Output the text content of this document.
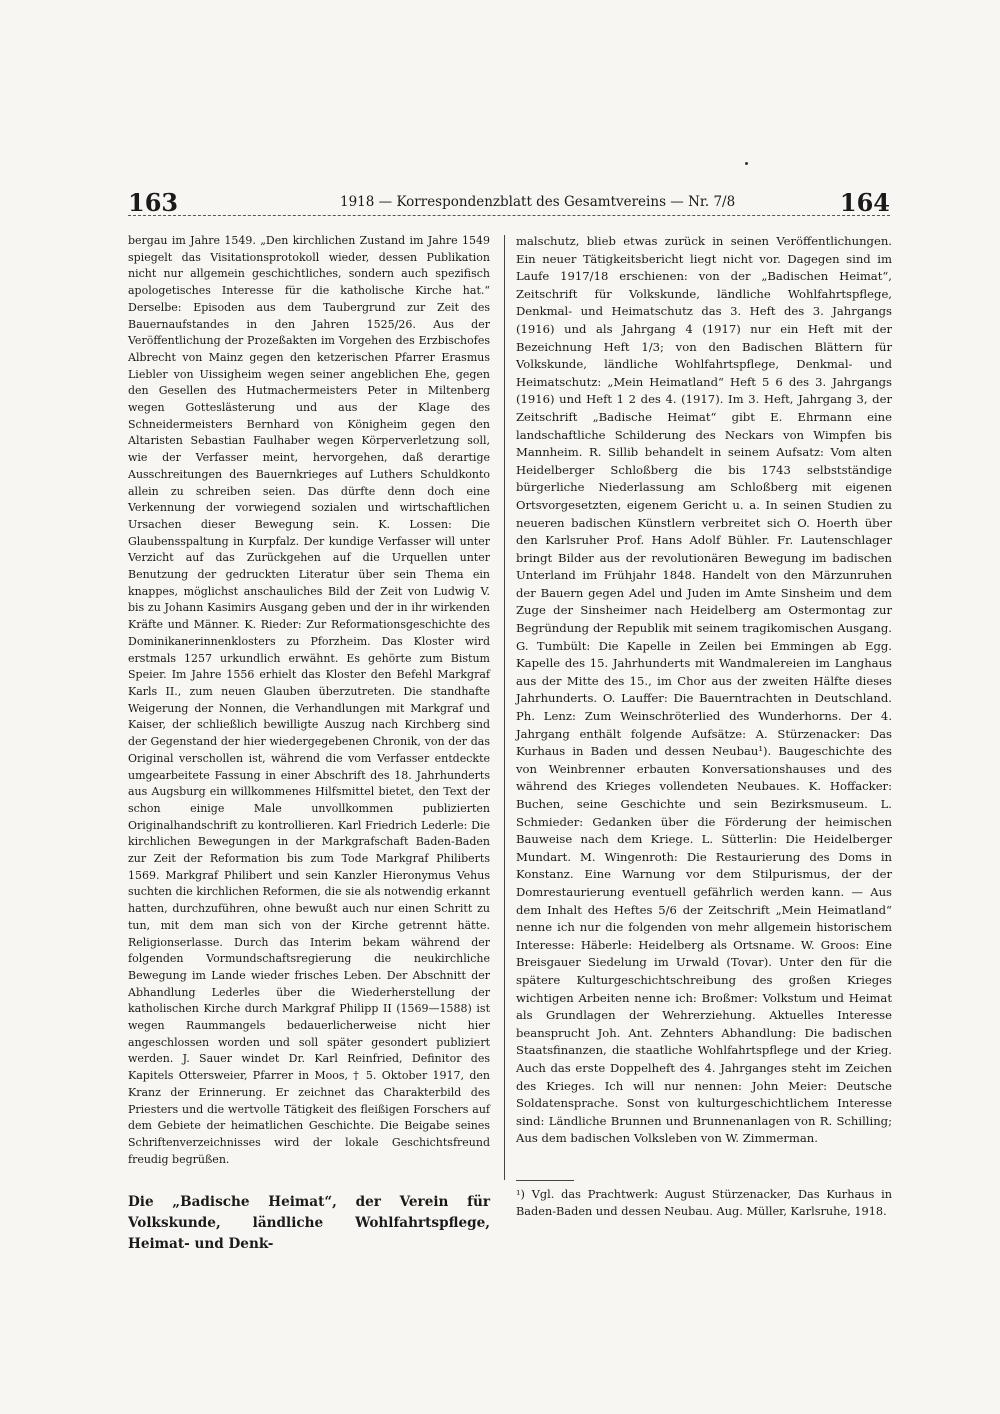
163	1918 — Korrespondenzblatt des Gesamtvereins — Nr. 7/8	164

bergau im Jahre 1549. „Den kirchlichen Zustand im Jahre 1549 spiegelt das Visitationsprotokoll wieder, dessen Publikation nicht nur allgemein geschichtliches, sondern auch spezifisch apologetisches Interesse für die katholische Kirche hat.“ Derselbe: Episoden aus dem Taubergrund zur Zeit des Bauernaufstandes in den Jahren 1525/26. Aus der Veröffentlichung der Prozeßakten im Vorgehen des Erzbischofes Albrecht von Mainz gegen den ketzerischen Pfarrer Erasmus Liebler von Uissigheim wegen seiner angeblichen Ehe, gegen den Gesellen des Hutmachermeisters Peter in Miltenberg wegen Gotteslästerung und aus der Klage des Schneidermeisters Bernhard von Königheim gegen den Altaristen Sebastian Faulhaber wegen Körperverletzung soll, wie der Verfasser meint, hervorgehen, daß derartige Ausschreitungen des Bauernkrieges auf Luthers Schuldkonto allein zu schreiben seien. Das dürfte denn doch eine Verkennung der vorwiegend sozialen und wirtschaftlichen Ursachen dieser Bewegung sein. K. Lossen: Die Glaubensspaltung in Kurpfalz. Der kundige Verfasser will unter Verzicht auf das Zurückgehen auf die Urquellen unter Benutzung der gedruckten Literatur über sein Thema ein knappes, möglichst anschauliches Bild der Zeit von Ludwig V. bis zu Johann Kasimirs Ausgang geben und der in ihr wirkenden Kräfte und Männer. K. Rieder: Zur Reformationsgeschichte des Dominikanerinnenklosters zu Pforzheim. Das Kloster wird erstmals 1257 urkundlich erwähnt. Es gehörte zum Bistum Speier. Im Jahre 1556 erhielt das Kloster den Befehl Markgraf Karls II., zum neuen Glauben überzutreten. Die standhafte Weigerung der Nonnen, die Verhandlungen mit Markgraf und Kaiser, der schließlich bewilligte Auszug nach Kirchberg sind der Gegenstand der hier wiedergegebenen Chronik, von der das Original verschollen ist, während die vom Verfasser entdeckte umgearbeitete Fassung in einer Abschrift des 18. Jahrhunderts aus Augsburg ein willkommenes Hilfsmittel bietet, den Text der schon einige Male unvollkommen publizierten Originalhandschrift zu kontrollieren. Karl Friedrich Lederle: Die kirchlichen Bewegungen in der Markgrafschaft Baden-Baden zur Zeit der Reformation bis zum Tode Markgraf Philiberts 1569. Markgraf Philibert und sein Kanzler Hieronymus Vehus suchten die kirchlichen Reformen, die sie als notwendig erkannt hatten, durchzuführen, ohne bewußt auch nur einen Schritt zu tun, mit dem man sich von der Kirche getrennt hätte. Religionserlasse. Durch das Interim bekam während der folgenden Vormundschaftsregierung die neukirchliche Bewegung im Lande wieder frisches Leben. Der Abschnitt der Abhandlung Lederles über die Wiederherstellung der katholischen Kirche durch Markgraf Philipp II (1569—1588) ist wegen Raummangels bedauerlicherweise nicht hier angeschlossen worden und soll später gesondert publiziert werden. J. Sauer windet Dr. Karl Reinfried, Definitor des Kapitels Ottersweier, Pfarrer in Moos, † 5. Oktober 1917, den Kranz der Erinnerung. Er zeichnet das Charakterbild des Priesters und die wertvolle Tätigkeit des fleißigen Forschers auf dem Gebiete der heimatlichen Geschichte. Die Beigabe seines Schriftenverzeichnisses wird der lokale Geschichtsfreund freudig begrüßen.

Die „Badische Heimat“, der Verein für Volkskunde, ländliche Wohlfahrtspflege, Heimat- und Denk-

malschutz, blieb etwas zurück in seinen Veröffentlichungen. Ein neuer Tätigkeitsbericht liegt nicht vor. Dagegen sind im Laufe 1917/18 erschienen: von der „Badischen Heimat“, Zeitschrift für Volkskunde, ländliche Wohlfahrtspflege, Denkmal- und Heimatschutz das 3. Heft des 3. Jahrgangs (1916) und als Jahrgang 4 (1917) nur ein Heft mit der Bezeichnung Heft 1/3; von den Badischen Blättern für Volkskunde, ländliche Wohlfahrtspflege, Denkmal- und Heimatschutz: „Mein Heimatland“ Heft 5 6 des 3. Jahrgangs (1916) und Heft 1 2 des 4. (1917). Im 3. Heft, Jahrgang 3, der Zeitschrift „Badische Heimat“ gibt E. Ehrmann eine landschaftliche Schilderung des Neckars von Wimpfen bis Mannheim. R. Sillib behandelt in seinem Aufsatz: Vom alten Heidelberger Schloßberg die bis 1743 selbstständige bürgerliche Niederlassung am Schloßberg mit eigenen Ortsvorgesetzten, eigenem Gericht u. a. In seinen Studien zu neueren badischen Künstlern verbreitet sich O. Hoerth über den Karlsruher Prof. Hans Adolf Bühler. Fr. Lautenschlager bringt Bilder aus der revolutionären Bewegung im badischen Unterland im Frühjahr 1848. Handelt von den Märzunruhen der Bauern gegen Adel und Juden im Amte Sinsheim und dem Zuge der Sinsheimer nach Heidelberg am Ostermontag zur Begründung der Republik mit seinem tragikomischen Ausgang. G. Tumbült: Die Kapelle in Zeilen bei Emmingen ab Egg. Kapelle des 15. Jahrhunderts mit Wandmalereien im Langhaus aus der Mitte des 15., im Chor aus der zweiten Hälfte dieses Jahrhunderts. O. Lauffer: Die Bauerntrachten in Deutschland. Ph. Lenz: Zum Weinschröterlied des Wunderhorns. Der 4. Jahrgang enthält folgende Aufsätze: A. Stürzenacker: Das Kurhaus in Baden und dessen Neubau¹). Baugeschichte des von Weinbrenner erbauten Konversationshauses und des während des Krieges vollendeten Neubaues. K. Hoffacker: Buchen, seine Geschichte und sein Bezirksmuseum. L. Schmieder: Gedanken über die Förderung der heimischen Bauweise nach dem Kriege. L. Sütterlin: Die Heidelberger Mundart. M. Wingenroth: Die Restaurierung des Doms in Konstanz. Eine Warnung vor dem Stilpurismus, der der Domrestaurierung eventuell gefährlich werden kann. — Aus dem Inhalt des Heftes 5/6 der Zeitschrift „Mein Heimatland“ nenne ich nur die folgenden von mehr allgemein historischem Interesse: Häberle: Heidelberg als Ortsname. W. Groos: Eine Breisgauer Siedelung im Urwald (Tovar). Unter den für die spätere Kulturgeschichtschreibung des großen Krieges wichtigen Arbeiten nenne ich: Broßmer: Volkstum und Heimat als Grundlagen der Wehrerziehung. Aktuelles Interesse beansprucht Joh. Ant. Zehnters Abhandlung: Die badischen Staatsfinanzen, die staatliche Wohlfahrtspflege und der Krieg. Auch das erste Doppelheft des 4. Jahrganges steht im Zeichen des Krieges. Ich will nur nennen: John Meier: Deutsche Soldatensprache. Sonst von kulturgeschichtlichem Interesse sind: Ländliche Brunnen und Brunnenanlagen von R. Schilling; Aus dem badischen Volksleben von W. Zimmerman.

¹) Vgl. das Prachtwerk: August Stürzenacker, Das Kurhaus in Baden-Baden und dessen Neubau. Aug. Müller, Karlsruhe, 1918.
